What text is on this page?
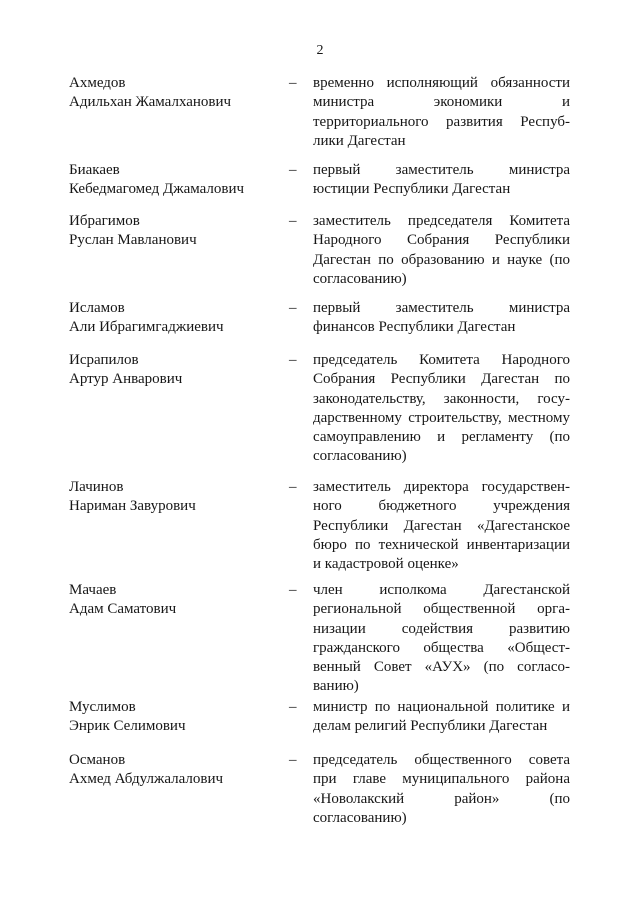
2
Ахмедов
Адильхан Жамалханович
–	временно исполняющий обязанности
министра экономики и
территориального развития Респуб-
лики Дагестан
Биакаев
Кебедмагомед Джамалович
–	первый заместитель министра
юстиции Республики Дагестан
Ибрагимов
Руслан Мавланович
–	заместитель председателя Комитета
Народного Собрания Республики
Дагестан по образованию и науке (по
согласованию)
Исламов
Али Ибрагимгаджиевич
–	первый заместитель министра
финансов Республики Дагестан
Исрапилов
Артур Анварович
–	председатель Комитета Народного
Собрания Республики Дагестан по
законодательству, законности, госу-
дарственному строительству, местному
самоуправлению и регламенту (по
согласованию)
Лачинов
Нариман Завурович
–	заместитель директора государствен-
ного бюджетного учреждения
Республики Дагестан «Дагестанское
бюро по технической инвентаризации
и кадастровой оценке»
Мачаев
Адам Саматович
–	член исполкома Дагестанской
региональной общественной орга-
низации содействия развитию
гражданского общества «Общест-
венный Совет «АУХ» (по согласо-
ванию)
Муслимов
Энрик Селимович
–	министр по национальной политике и
делам религий Республики Дагестан
Османов
Ахмед Абдулжалалович
–	председатель общественного совета
при главе муниципального района
«Новолакский район» (по
согласованию)
